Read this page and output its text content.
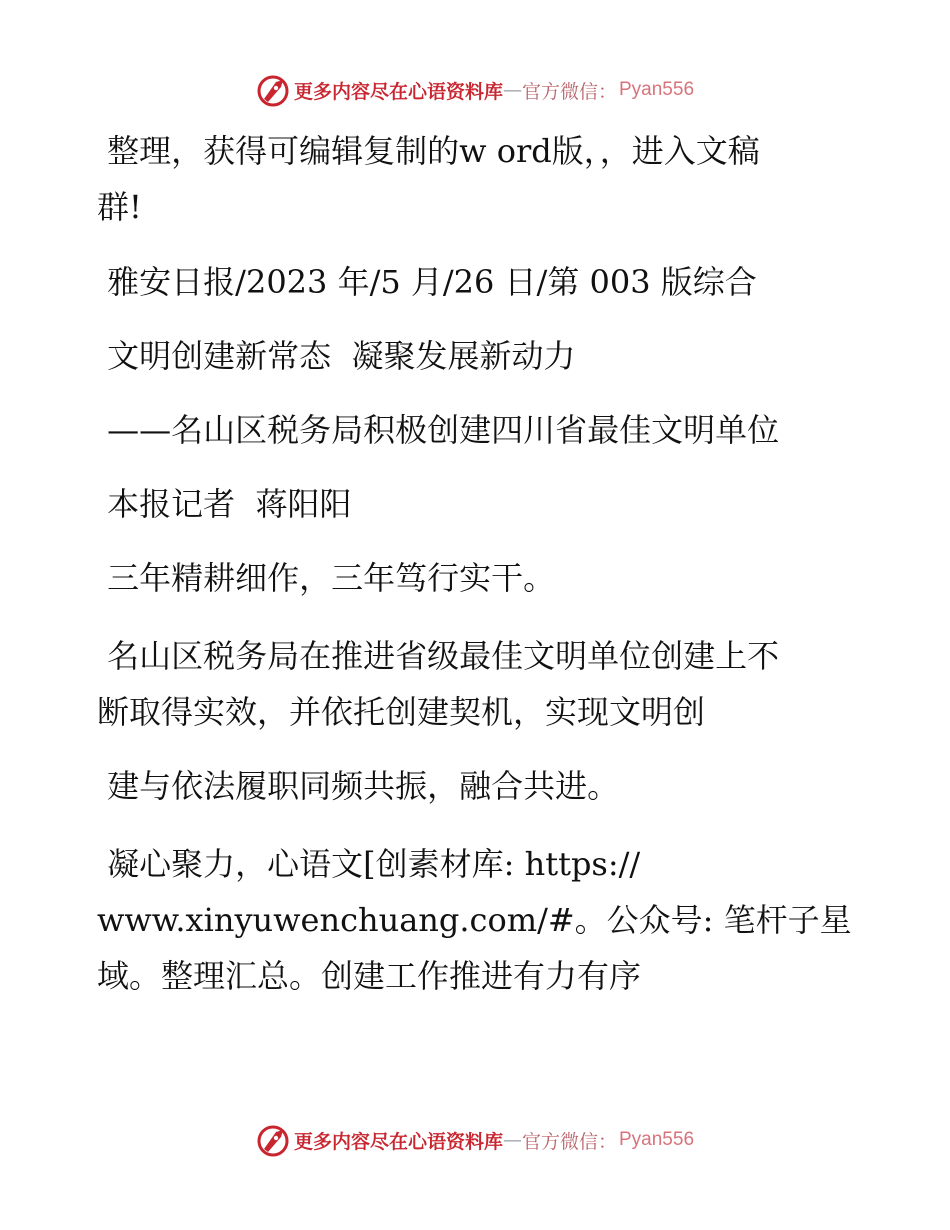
更多内容尽在心语资料库 — 官方微信： Pyan556

整理，获得可编辑复制的w ord版，，进入文稿
群!

雅安日报/2023 年/5 月/26 日/第 003 版综合

文明创建新常态  凝聚发展新动力

——名山区税务局积极创建四川省最佳文明单位

本报记者  蒋阳阳

三年精耕细作，三年笃行实干。

名山区税务局在推进省级最佳文明单位创建上不
断取得实效，并依托创建契机，实现文明创

建与依法履职同频共振，融合共进。

凝心聚力，心语文[创素材库: https://
www.xinyuwenchuang.com/#。公众号: 笔杆子星
域。整理汇总。创建工作推进有力有序

更多内容尽在心语资料库 — 官方微信： Pyan556
